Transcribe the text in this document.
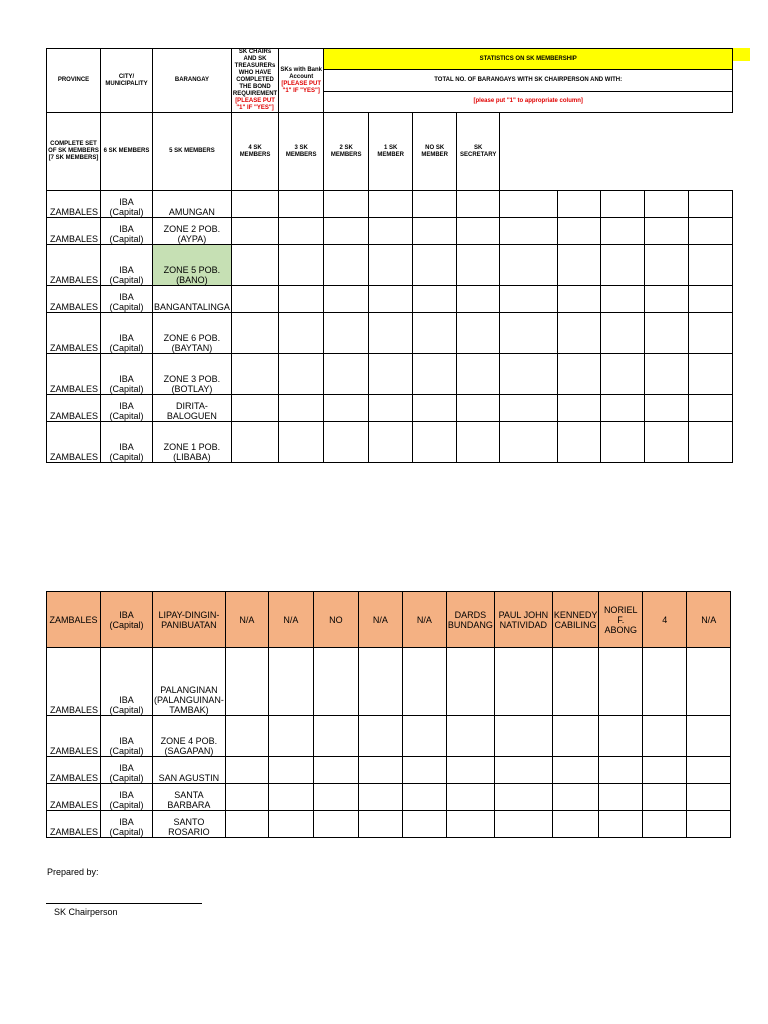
PROVINCE	CITY/ MUNICIPALITY	BARANGAY	SK CHAIRs AND SK TREASURERs WHO HAVE COMPLETED THE BOND REQUIREMENT [PLEASE PUT "1" IF "YES"]	SKs with Bank Account [PLEASE PUT "1" IF "YES"]	STATISTICS ON SK MEMBERSHIP								
					TOTAL NO. OF BARANGAYS WITH SK CHAIRPERSON AND WITH:								
					[please put "1" to appropriate column]								
COMPLETE SET OF SK MEMBERS [7 SK MEMBERS]	6 SK MEMBERS	5 SK MEMBERS	4 SK MEMBERS	3 SK MEMBERS	2 SK MEMBERS	1 SK MEMBER	NO SK MEMBER	SK SECRETARY					
ZAMBALES	IBA (Capital)	AMUNGAN											
ZAMBALES	IBA (Capital)	ZONE 2 POB. (AYPA)											
ZAMBALES	IBA (Capital)	ZONE 5 POB. (BANO)											
ZAMBALES	IBA (Capital)	BANGANTALINGA											
ZAMBALES	IBA (Capital)	ZONE 6 POB. (BAYTAN)											
ZAMBALES	IBA (Capital)	ZONE 3 POB. (BOTLAY)											
ZAMBALES	IBA (Capital)	DIRITA-BALOGUEN											
ZAMBALES	IBA (Capital)	ZONE 1 POB. (LIBABA)											
ZAMBALES	IBA (Capital)	LIPAY-DINGIN-PANIBUATAN	N/A	N/A	NO	N/A	N/A	DARDS BUNDANG	PAUL JOHN NATIVIDAD	KENNEDY CABILING	NORIEL F. ABONG	4	N/A
ZAMBALES	IBA (Capital)	PALANGINAN (PALANGUINAN-TAMBAK)											
ZAMBALES	IBA (Capital)	ZONE 4 POB. (SAGAPAN)											
ZAMBALES	IBA (Capital)	SAN AGUSTIN											
ZAMBALES	IBA (Capital)	SANTA BARBARA											
ZAMBALES	IBA (Capital)	SANTO ROSARIO											
Prepared by:
SK Chairperson
